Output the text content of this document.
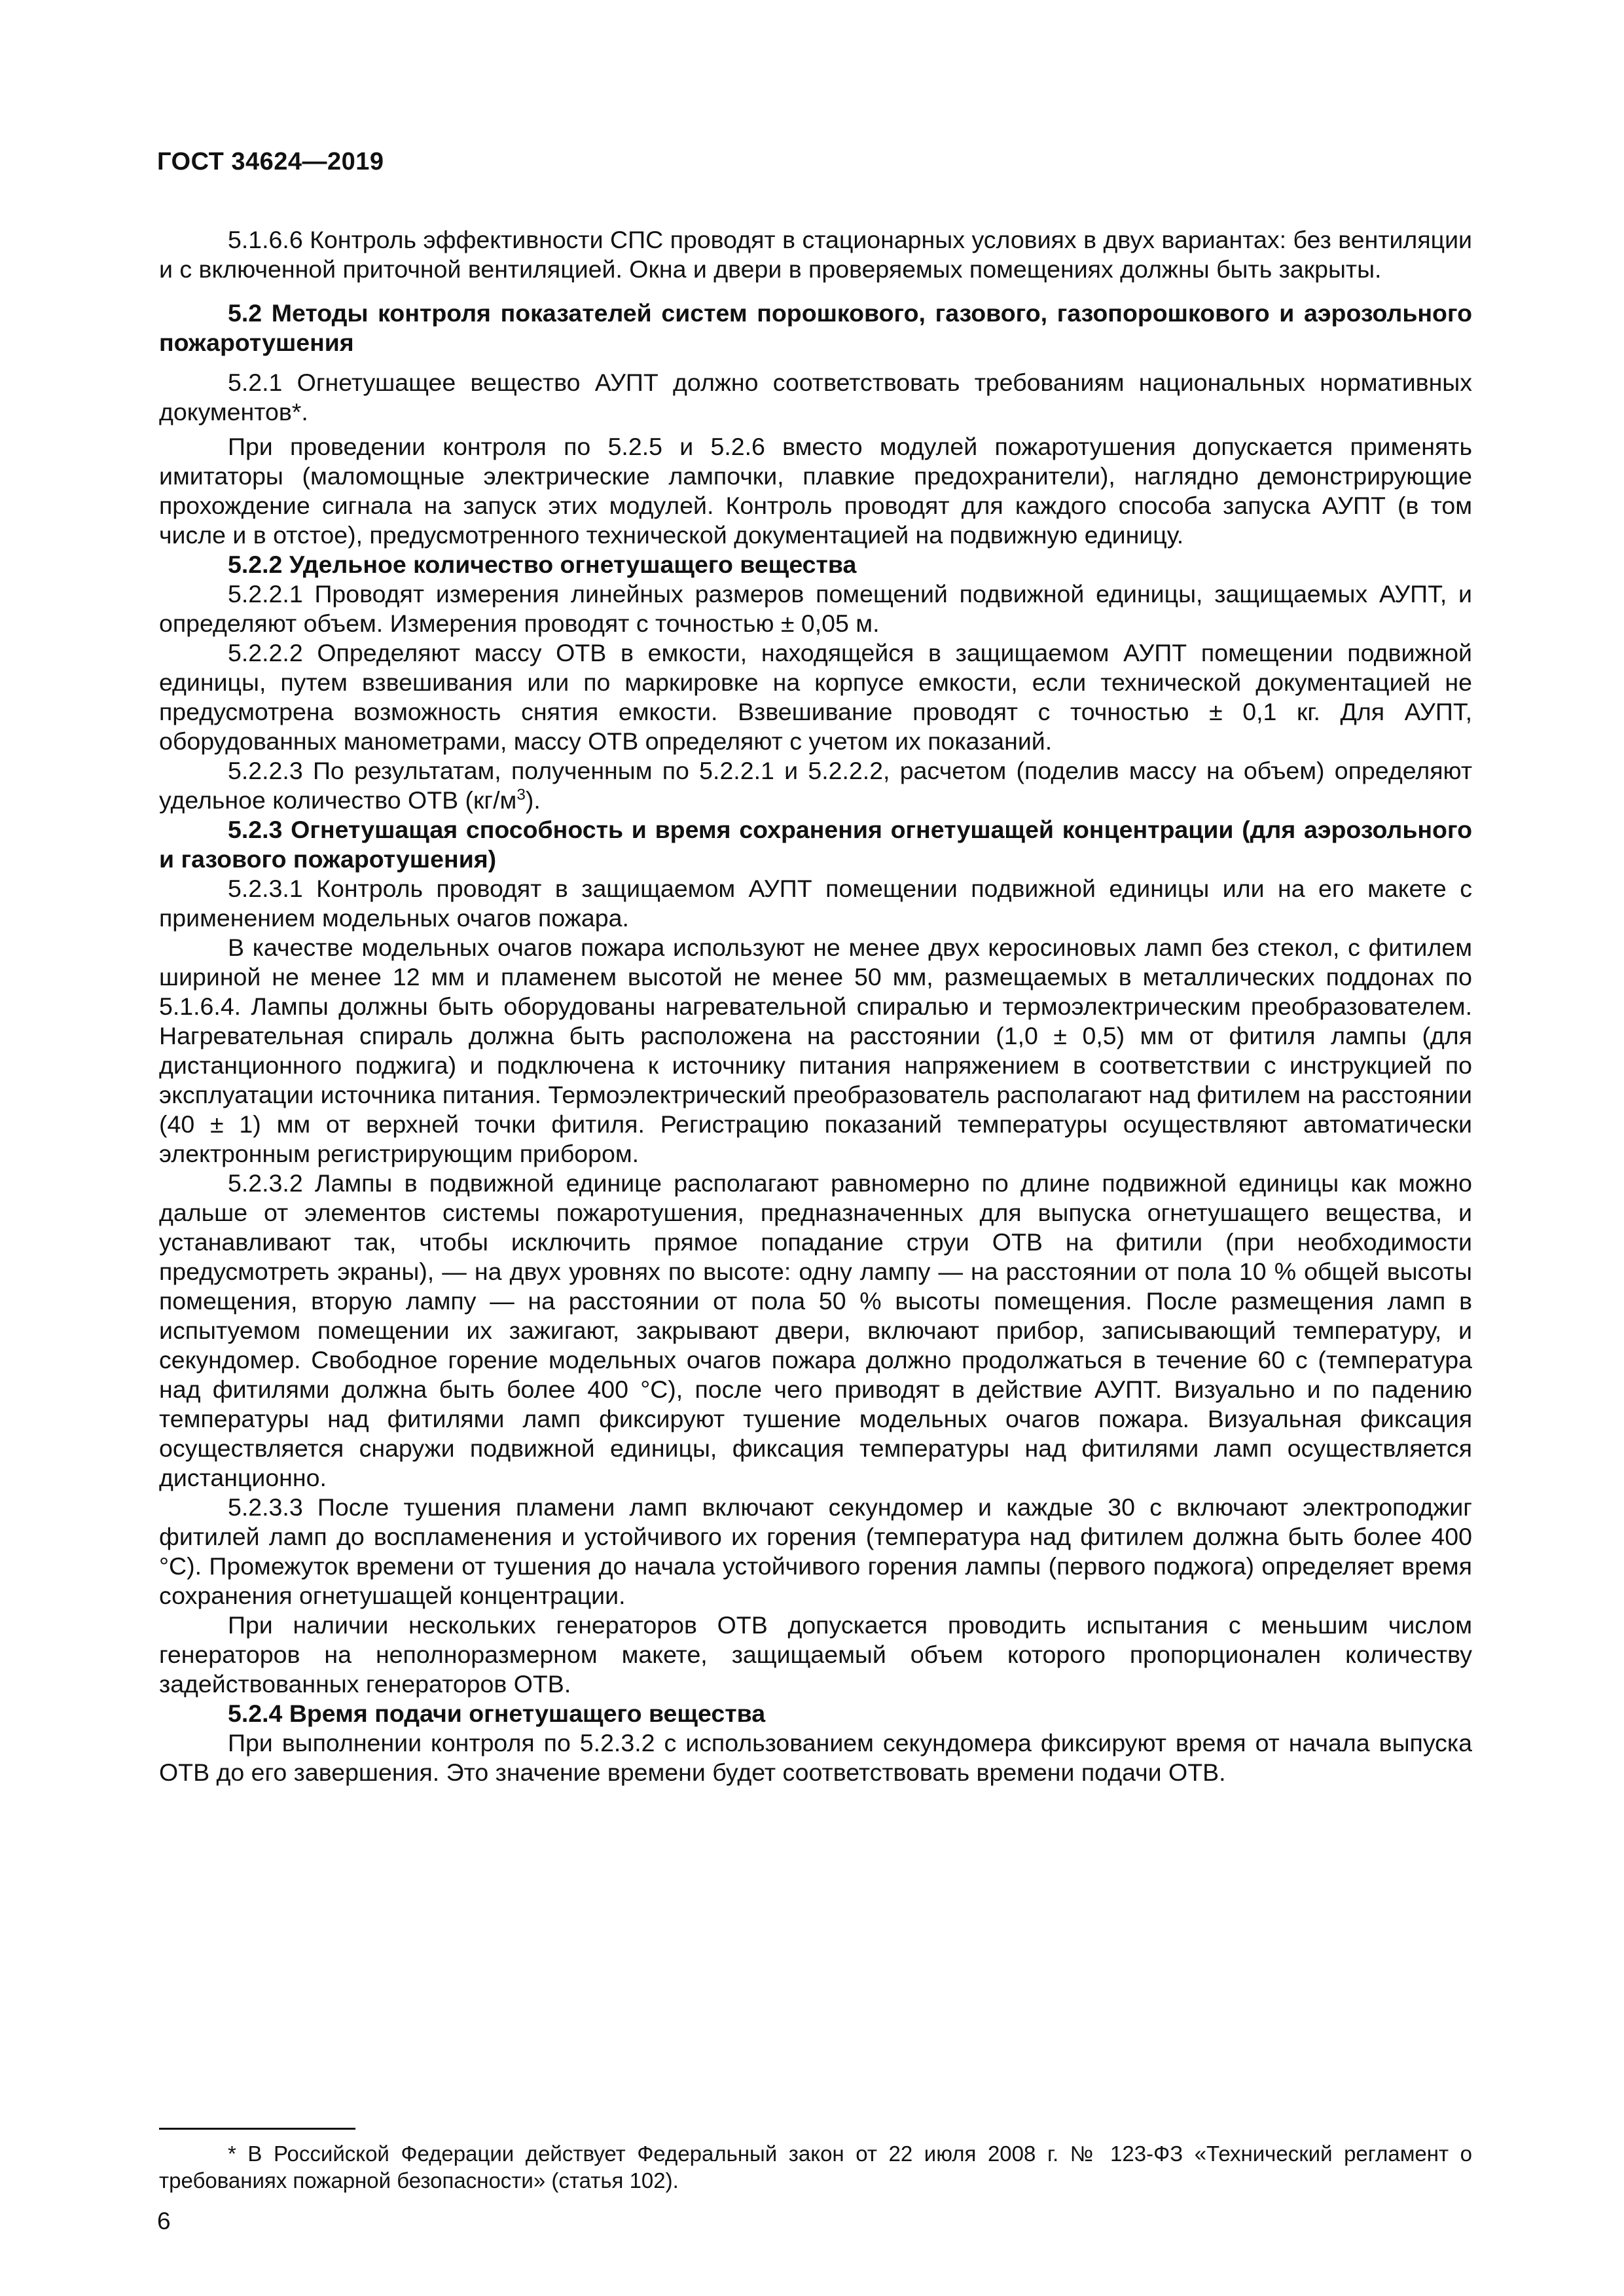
ГОСТ 34624—2019

5.1.6.6 Контроль эффективности СПС проводят в стационарных условиях в двух вариантах: без вентиляции и с включенной приточной вентиляцией. Окна и двери в проверяемых помещениях должны быть закрыты.

5.2 Методы контроля показателей систем порошкового, газового, газопорошкового и аэрозольного пожаротушения

5.2.1 Огнетушащее вещество АУПТ должно соответствовать требованиям национальных нормативных документов*.

При проведении контроля по 5.2.5 и 5.2.6 вместо модулей пожаротушения допускается применять имитаторы (маломощные электрические лампочки, плавкие предохранители), наглядно демонстрирующие прохождение сигнала на запуск этих модулей. Контроль проводят для каждого способа запуска АУПТ (в том числе и в отстое), предусмотренного технической документацией на подвижную единицу.

5.2.2 Удельное количество огнетушащего вещества

5.2.2.1 Проводят измерения линейных размеров помещений подвижной единицы, защищаемых АУПТ, и определяют объем. Измерения проводят с точностью ± 0,05 м.

5.2.2.2 Определяют массу ОТВ в емкости, находящейся в защищаемом АУПТ помещении подвижной единицы, путем взвешивания или по маркировке на корпусе емкости, если технической документацией не предусмотрена возможность снятия емкости. Взвешивание проводят с точностью ± 0,1 кг. Для АУПТ, оборудованных манометрами, массу ОТВ определяют с учетом их показаний.

5.2.2.3 По результатам, полученным по 5.2.2.1 и 5.2.2.2, расчетом (поделив массу на объем) определяют удельное количество ОТВ $(кг/м^3)$.

5.2.3 Огнетушащая способность и время сохранения огнетушащей концентрации (для аэрозольного и газового пожаротушения)

5.2.3.1 Контроль проводят в защищаемом АУПТ помещении подвижной единицы или на его макете с применением модельных очагов пожара.

В качестве модельных очагов пожара используют не менее двух керосиновых ламп без стекол, с фитилем шириной не менее 12 мм и пламенем высотой не менее 50 мм, размещаемых в металлических поддонах по 5.1.6.4. Лампы должны быть оборудованы нагревательной спиралью и термоэлектрическим преобразователем. Нагревательная спираль должна быть расположена на расстоянии (1,0 ± 0,5) мм от фитиля лампы (для дистанционного поджига) и подключена к источнику питания напряжением в соответствии с инструкцией по эксплуатации источника питания. Термоэлектрический преобразователь располагают над фитилем на расстоянии (40 ± 1) мм от верхней точки фитиля. Регистрацию показаний температуры осуществляют автоматически электронным регистрирующим прибором.

5.2.3.2 Лампы в подвижной единице располагают равномерно по длине подвижной единицы как можно дальше от элементов системы пожаротушения, предназначенных для выпуска огнетушащего вещества, и устанавливают так, чтобы исключить прямое попадание струи ОТВ на фитили (при необходимости предусмотреть экраны), — на двух уровнях по высоте: одну лампу — на расстоянии от пола 10 % общей высоты помещения, вторую лампу — на расстоянии от пола 50 % высоты помещения. После размещения ламп в испытуемом помещении их зажигают, закрывают двери, включают прибор, записывающий температуру, и секундомер. Свободное горение модельных очагов пожара должно продолжаться в течение 60 с (температура над фитилями должна быть более 400 °С), после чего приводят в действие АУПТ. Визуально и по падению температуры над фитилями ламп фиксируют тушение модельных очагов пожара. Визуальная фиксация осуществляется снаружи подвижной единицы, фиксация температуры над фитилями ламп осуществляется дистанционно.

5.2.3.3 После тушения пламени ламп включают секундомер и каждые 30 с включают электроподжиг фитилей ламп до воспламенения и устойчивого их горения (температура над фитилем должна быть более 400 °С). Промежуток времени от тушения до начала устойчивого горения лампы (первого поджога) определяет время сохранения огнетушащей концентрации.

При наличии нескольких генераторов ОТВ допускается проводить испытания с меньшим числом генераторов на неполноразмерном макете, защищаемый объем которого пропорционален количеству задействованных генераторов ОТВ.

5.2.4 Время подачи огнетушащего вещества

При выполнении контроля по 5.2.3.2 с использованием секундомера фиксируют время от начала выпуска ОТВ до его завершения. Это значение времени будет соответствовать времени подачи ОТВ.

* В Российской Федерации действует Федеральный закон от 22 июля 2008 г. № 123-ФЗ «Технический регламент о требованиях пожарной безопасности» (статья 102).

6
